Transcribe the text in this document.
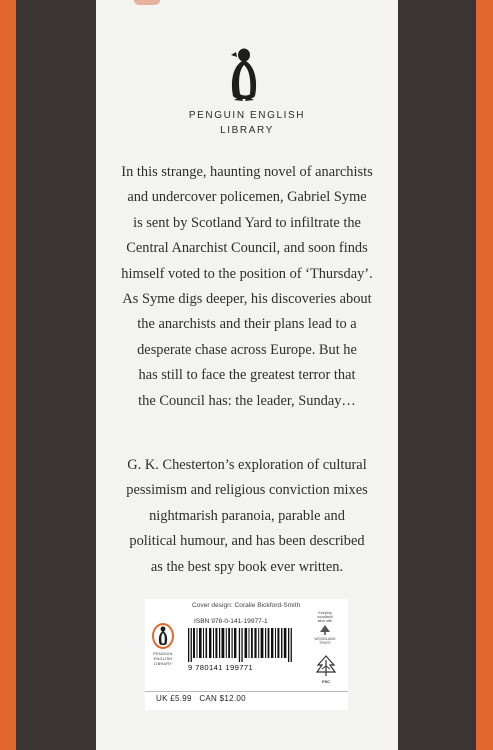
PENGUIN ENGLISH
LIBRARY
In this strange, haunting novel of anarchists
and undercover policemen, Gabriel Syme
is sent by Scotland Yard to infiltrate the
Central Anarchist Council, and soon finds
himself voted to the position of ‘Thursday’.
As Syme digs deeper, his discoveries about
the anarchists and their plans lead to a
desperate chase across Europe. But he
has still to face the greatest terror that
the Council has: the leader, Sunday…
G. K. Chesterton’s exploration of cultural
pessimism and religious conviction mixes
nightmarish paranoia, parable and
political humour, and has been described
as the best spy book ever written.
Cover design: Coralie Bickford-Smith
PENGUIN
ENGLISH
LIBRARY
ISBN 978-0-141-19977-1
9 780141 199771
Keeping
woodland
alive with
WOODLAND
TRUST
FSC
UK £5.99 CAN $12.00
